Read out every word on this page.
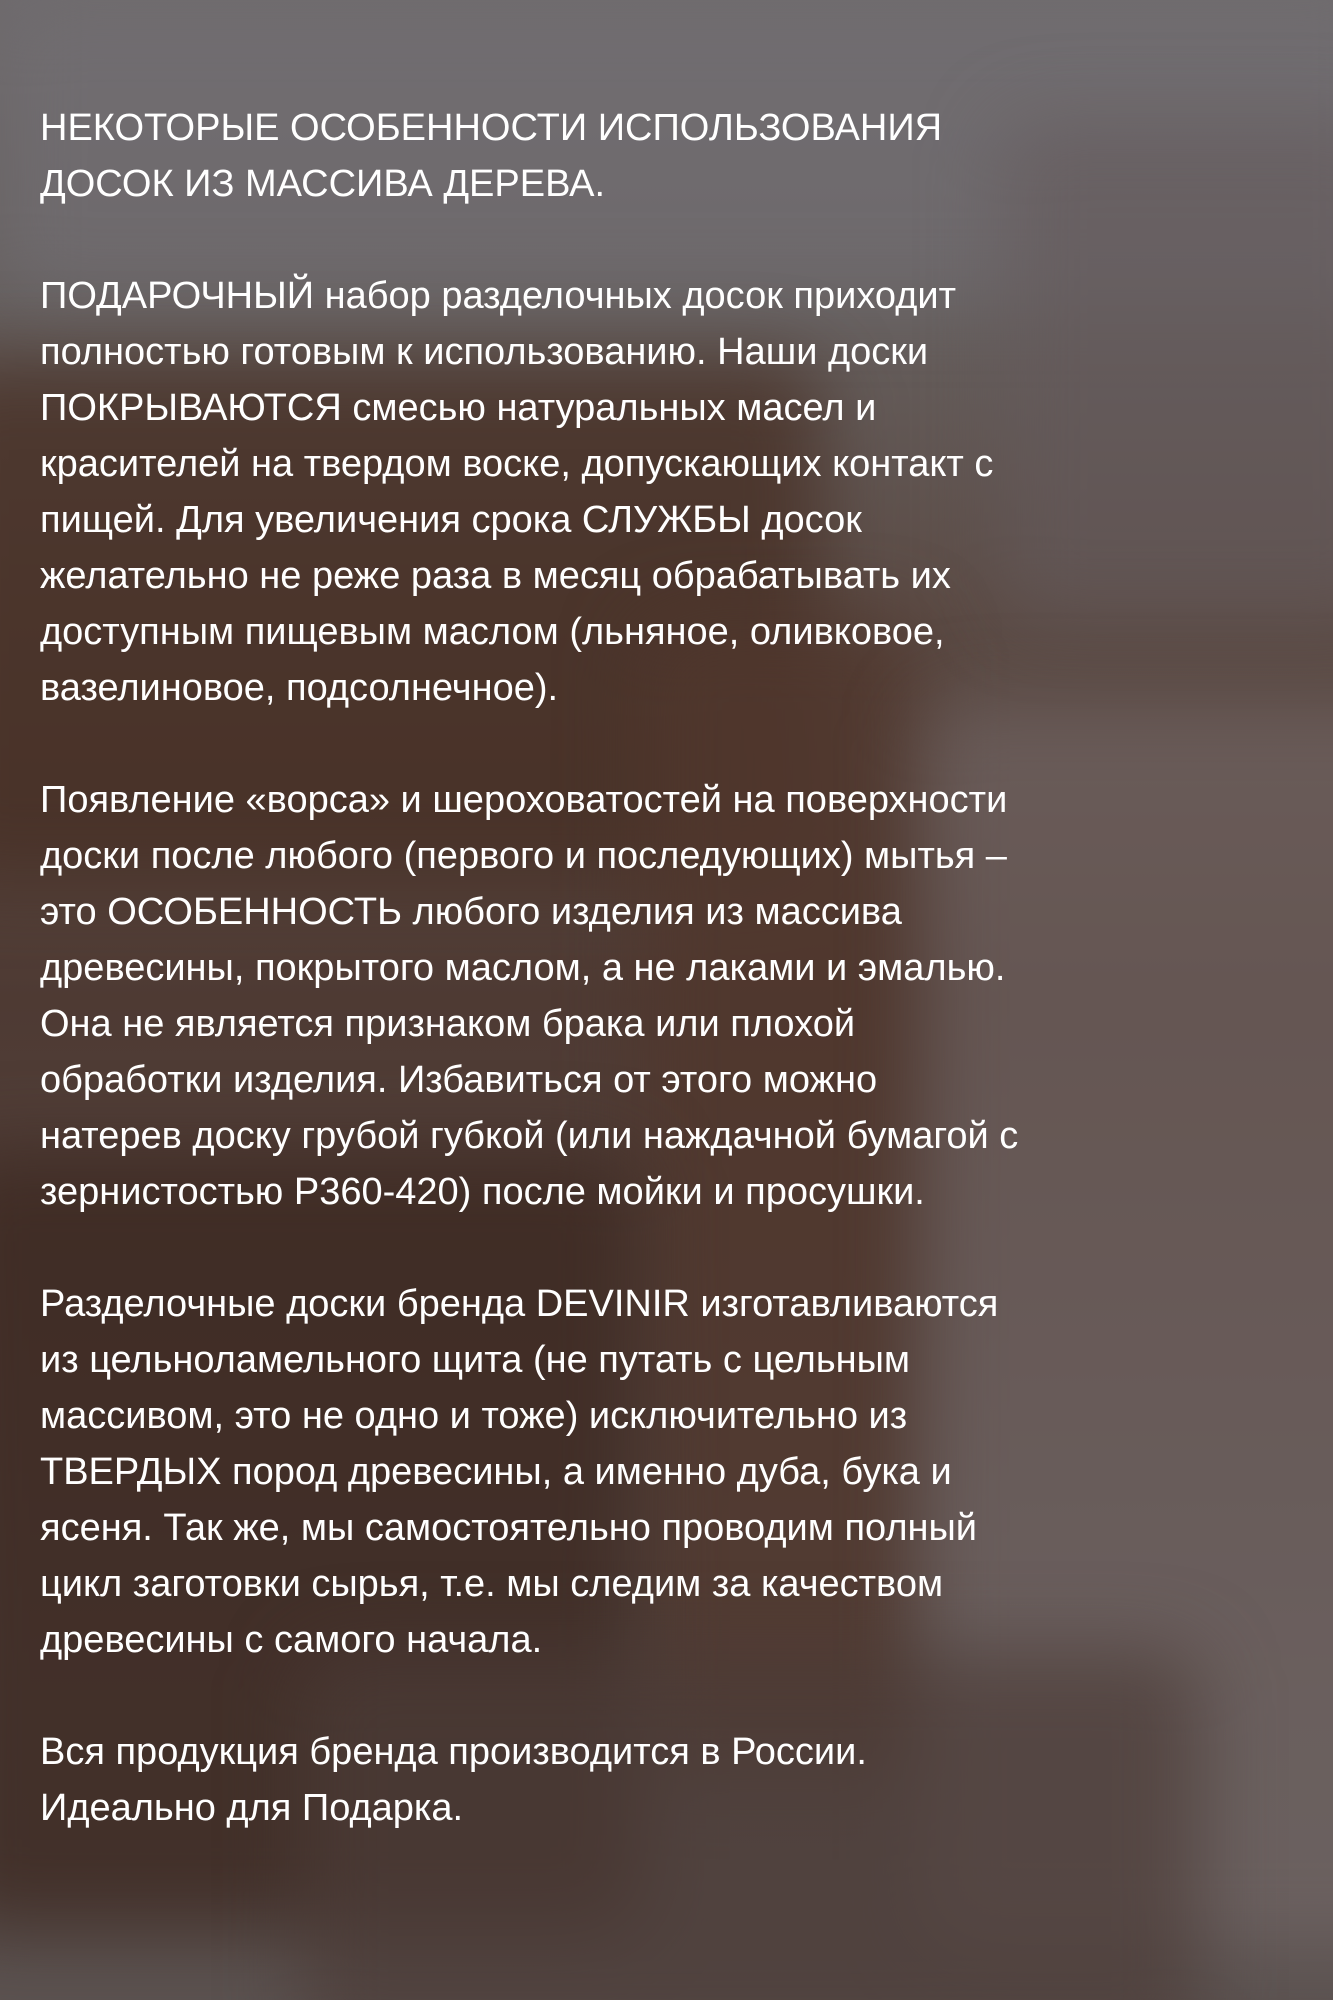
НЕКОТОРЫЕ ОСОБЕННОСТИ ИСПОЛЬЗОВАНИЯ
ДОСОК ИЗ МАССИВА ДЕРЕВА.

ПОДАРОЧНЫЙ набор разделочных досок приходит
полностью готовым к использованию. Наши доски
ПОКРЫВАЮТСЯ смесью натуральных масел и
красителей на твердом воске, допускающих контакт с
пищей. Для увеличения срока СЛУЖБЫ досок
желательно не реже раза в месяц обрабатывать их
доступным пищевым маслом (льняное, оливковое,
вазелиновое, подсолнечное).

Появление «ворса» и шероховатостей на поверхности
доски после любого (первого и последующих) мытья –
это ОСОБЕННОСТЬ любого изделия из массива
древесины, покрытого маслом, а не лаками и эмалью.
Она не является признаком брака или плохой
обработки изделия. Избавиться от этого можно
натерев доску грубой губкой (или наждачной бумагой с
зернистостью P360-420) после мойки и просушки.

Разделочные доски бренда DEVINIR изготавливаются
из цельноламельного щита (не путать с цельным
массивом, это не одно и тоже) исключительно из
ТВЕРДЫХ пород древесины, а именно дуба, бука и
ясеня. Так же, мы самостоятельно проводим полный
цикл заготовки сырья, т.е. мы следим за качеством
древесины с самого начала.

Вся продукция бренда производится в России.
Идеально для Подарка.
